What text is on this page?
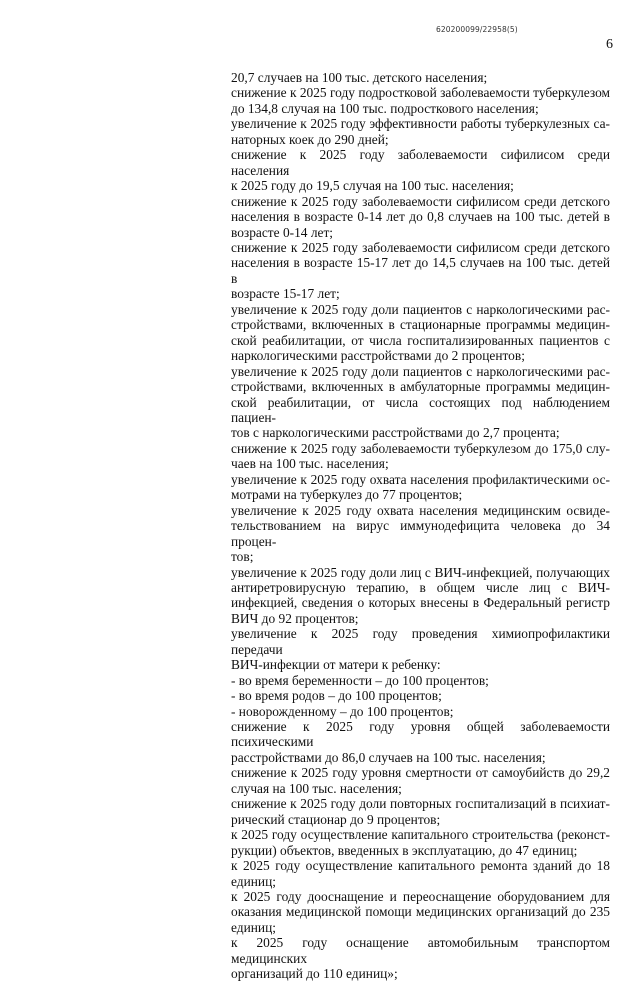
620200099/22958(5)
6
20,7 случаев на 100 тыс. детского населения;
снижение к 2025 году подростковой заболеваемости туберкулезом
до 134,8 случая на 100 тыс. подросткового населения;
увеличение к 2025 году эффективности работы туберкулезных са-
наторных коек до 290 дней;
снижение к 2025 году заболеваемости сифилисом среди населения
к 2025 году до 19,5 случая на 100 тыс. населения;
снижение к 2025 году заболеваемости сифилисом среди детского
населения в возрасте 0-14 лет до 0,8 случаев на 100 тыс. детей в
возрасте 0-14 лет;
снижение к 2025 году заболеваемости сифилисом среди детского
населения в возрасте 15-17 лет до 14,5 случаев на 100 тыс. детей в
возрасте 15-17 лет;
увеличение к 2025 году доли пациентов с наркологическими рас-
стройствами, включенных в стационарные программы медицин-
ской реабилитации, от числа госпитализированных пациентов с
наркологическими расстройствами до 2 процентов;
увеличение к 2025 году доли пациентов с наркологическими рас-
стройствами, включенных в амбулаторные программы медицин-
ской реабилитации, от числа состоящих под наблюдением пациен-
тов с наркологическими расстройствами до 2,7 процента;
снижение к 2025 году заболеваемости туберкулезом до 175,0 слу-
чаев на 100 тыс. населения;
увеличение к 2025 году охвата населения профилактическими ос-
мотрами на туберкулез до 77 процентов;
увеличение к 2025 году охвата населения медицинским освиде-
тельствованием на вирус иммунодефицита человека до 34 процен-
тов;
увеличение к 2025 году доли лиц с ВИЧ-инфекцией, получающих
антиретровирусную терапию, в общем числе лиц с ВИЧ-
инфекцией, сведения о которых внесены в Федеральный регистр
ВИЧ до 92 процентов;
увеличение к 2025 году проведения химиопрофилактики передачи
ВИЧ-инфекции от матери к ребенку:
- во время беременности – до 100 процентов;
- во время родов – до 100 процентов;
- новорожденному – до 100 процентов;
снижение к 2025 году уровня общей заболеваемости психическими
расстройствами до 86,0 случаев на 100 тыс. населения;
снижение к 2025 году уровня смертности от самоубийств до 29,2
случая на 100 тыс. населения;
снижение к 2025 году доли повторных госпитализаций в психиат-
рический стационар до 9 процентов;
к 2025 году осуществление капитального строительства (реконст-
рукции) объектов, введенных в эксплуатацию, до 47 единиц;
к 2025 году осуществление капитального ремонта зданий до 18
единиц;
к 2025 году дооснащение и переоснащение оборудованием для
оказания медицинской помощи медицинских организаций до 235
единиц;
к 2025 году оснащение автомобильным транспортом медицинских
организаций до 110 единиц»;
